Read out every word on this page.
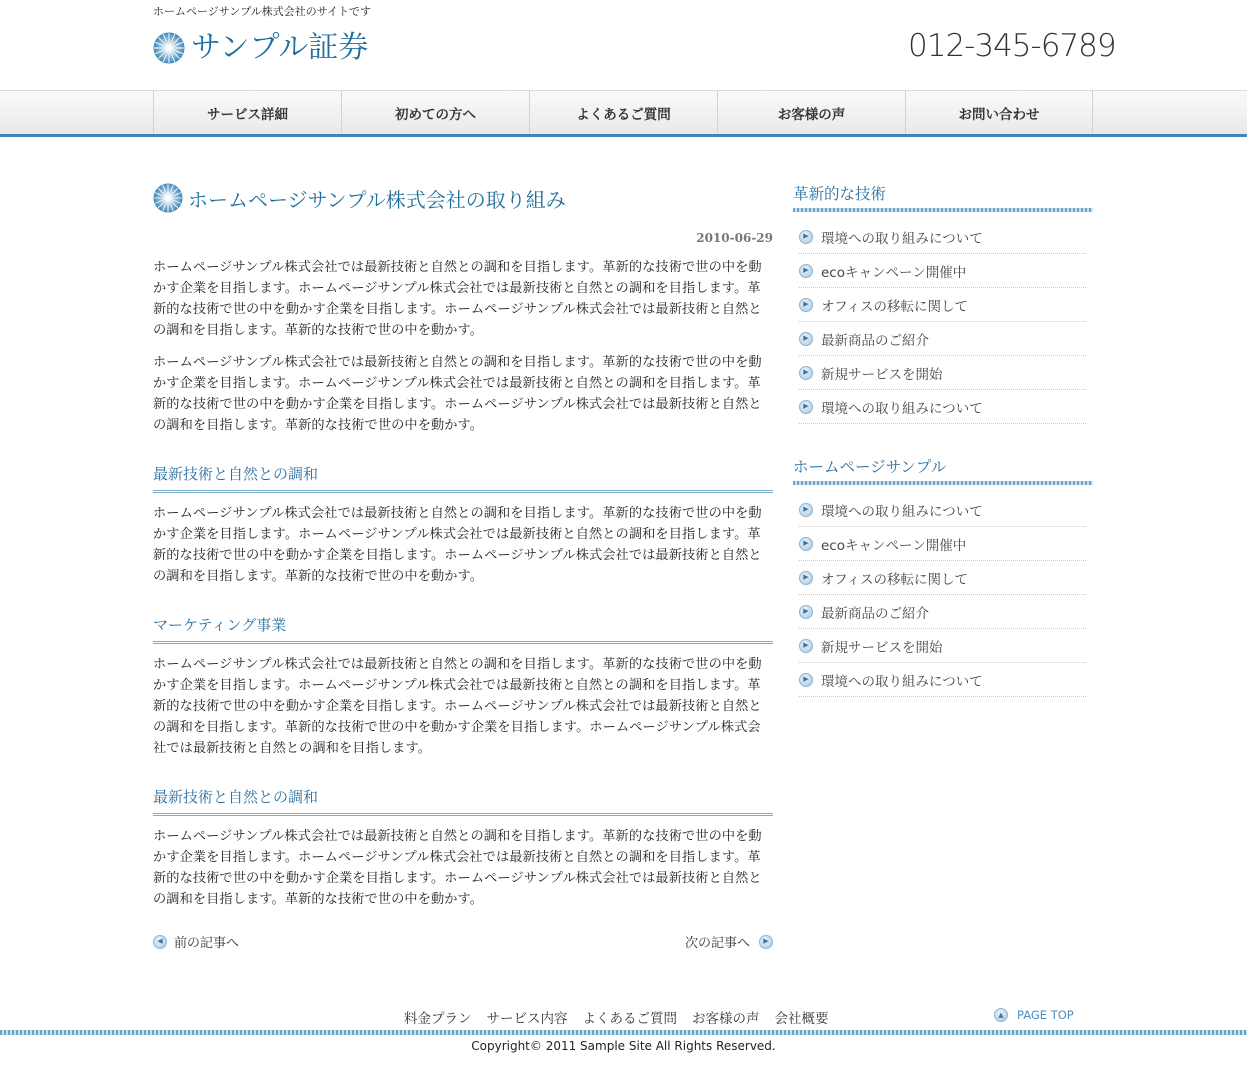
ホームページサンプル株式会社のサイトです
サンプル証券	012-345-6789
サービス詳細	初めての方へ	よくあるご質問	お客様の声	お問い合わせ
ホームページサンプル株式会社の取り組み
2010-06-29

ホームページサンプル株式会社では最新技術と自然との調和を目指します。革新的な技術で世の中を動かす企業を目指します。ホームページサンプル株式会社では最新技術と自然との調和を目指します。革新的な技術で世の中を動かす企業を目指します。ホームページサンプル株式会社では最新技術と自然との調和を目指します。革新的な技術で世の中を動かす。

ホームページサンプル株式会社では最新技術と自然との調和を目指します。革新的な技術で世の中を動かす企業を目指します。ホームページサンプル株式会社では最新技術と自然との調和を目指します。革新的な技術で世の中を動かす企業を目指します。ホームページサンプル株式会社では最新技術と自然との調和を目指します。革新的な技術で世の中を動かす。

最新技術と自然との調和

ホームページサンプル株式会社では最新技術と自然との調和を目指します。革新的な技術で世の中を動かす企業を目指します。ホームページサンプル株式会社では最新技術と自然との調和を目指します。革新的な技術で世の中を動かす企業を目指します。ホームページサンプル株式会社では最新技術と自然との調和を目指します。革新的な技術で世の中を動かす。

マーケティング事業

ホームページサンプル株式会社では最新技術と自然との調和を目指します。革新的な技術で世の中を動かす企業を目指します。ホームページサンプル株式会社では最新技術と自然との調和を目指します。革新的な技術で世の中を動かす企業を目指します。ホームページサンプル株式会社では最新技術と自然との調和を目指します。革新的な技術で世の中を動かす企業を目指します。ホームページサンプル株式会社では最新技術と自然との調和を目指します。

最新技術と自然との調和

ホームページサンプル株式会社では最新技術と自然との調和を目指します。革新的な技術で世の中を動かす企業を目指します。ホームページサンプル株式会社では最新技術と自然との調和を目指します。革新的な技術で世の中を動かす企業を目指します。ホームページサンプル株式会社では最新技術と自然との調和を目指します。革新的な技術で世の中を動かす。

◀ 前の記事へ	次の記事へ	▶
革新的な技術
▶ 環境への取り組みについて
▶ ecoキャンペーン開催中
▶ オフィスの移転に関して
▶ 最新商品のご紹介
▶ 新規サービスを開始
▶ 環境への取り組みについて
ホームページサンプル
▶ 環境への取り組みについて
▶ ecoキャンペーン開催中
▶ オフィスの移転に関して
▶ 最新商品のご紹介
▶ 新規サービスを開始
▶ 環境への取り組みについて
料金プラン サービス内容 よくあるご質問 お客様の声 会社概要	▲	PAGE TOP
Copyright© 2011 Sample Site All Rights Reserved.
